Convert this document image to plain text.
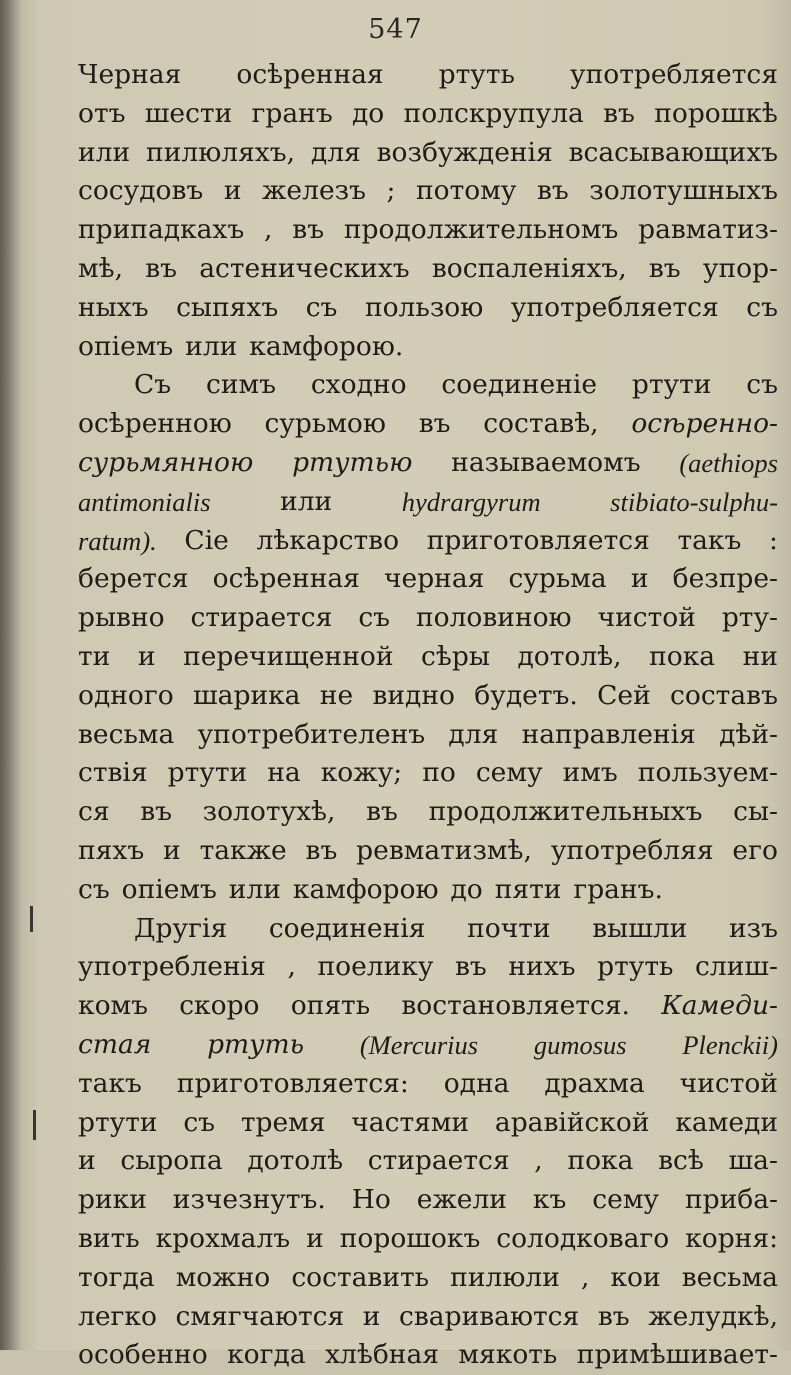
547
Черная осѣренная ртуть употребляется
отъ шести гранъ до полскрупула въ порошкѣ
или пилюляхъ, для возбужденія всасывающихъ
сосудовъ и железъ ; потому въ золотушныхъ
припадкахъ , въ продолжительномъ равматиз-
мѣ, въ астеническихъ воспаленіяхъ, въ упор-
ныхъ сыпяхъ съ пользою употребляется съ
опіемъ или камфорою.
Съ симъ сходно соединеніе ртути съ
осѣренною сурьмою въ составѣ, осѣренно-
сурьмянною ртутью называемомъ (aethiops
antimonialis	или	hydrargyrum	stibiato-sulphu-
ratum). Сіе лѣкарство приготовляется такъ :
берется осѣренная черная сурьма и безпре-
рывно стирается съ половиною чистой рту-
ти и перечищенной сѣры дотолѣ, пока ни
одного шарика не видно будетъ. Сей составъ
весьма употребителенъ для направленія дѣй-
ствія ртути на кожу; по сему имъ пользуем-
ся въ золотухѣ, въ продолжительныхъ сы-
пяхъ и также въ ревматизмѣ, употребляя его
съ опіемъ или камфорою до пяти гранъ.
Другія соединенія почти вышли изъ
употребленія , поелику въ нихъ ртуть слиш-
комъ скоро опять востановляется. Камеди-
стая ртуть (Mercurius gumosus Plenckii)
такъ приготовляется: одна драхма чистой
ртути съ тремя частями аравійской камеди
и сыропа дотолѣ стирается , пока всѣ ша-
рики изчезнутъ. Но ежели къ сему приба-
вить крохмалъ и порошокъ солодковаго корня:
тогда можно составить пилюли , кои весьма
легко смягчаются и свариваются въ желудкѣ,
особенно когда хлѣбная мякоть примѣшивает-
